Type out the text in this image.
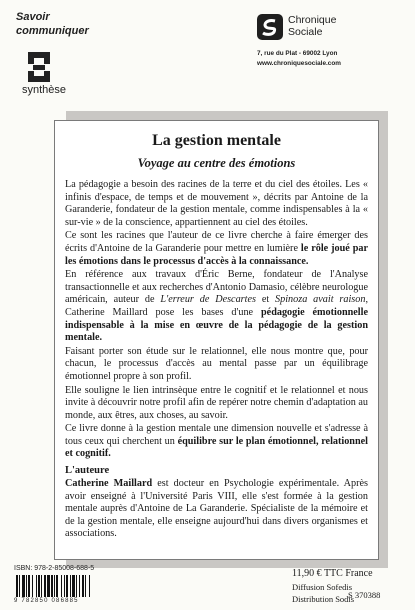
Savoir
communiquer
synthèse
Chronique
Sociale
7, rue du Plat - 69002 Lyon
www.chroniquesociale.com
La gestion mentale
Voyage au centre des émotions

La pédagogie a besoin des racines de la terre et du ciel des étoiles. Les « infinis d'espace, de temps et de mouvement », décrits par Antoine de la Garanderie, fondateur de la gestion mentale, comme indispensables à la « sur-vie » de la conscience, appartiennent au ciel des étoiles.

Ce sont les racines que l'auteur de ce livre cherche à faire émerger des écrits d'Antoine de la Garanderie pour mettre en lumière le rôle joué par les émotions dans le processus d'accès à la connaissance.

En référence aux travaux d'Éric Berne, fondateur de l'Analyse transactionnelle et aux recherches d'Antonio Damasio, célèbre neurologue américain, auteur de L'erreur de Descartes et Spinoza avait raison, Catherine Maillard pose les bases d'une pédagogie émotionnelle indispensable à la mise en œuvre de la pédagogie de la gestion mentale.

Faisant porter son étude sur le relationnel, elle nous montre que, pour chacun, le processus d'accès au mental passe par un équilibrage émotionnel propre à son profil.

Elle souligne le lien intrinsèque entre le cognitif et le relationnel et nous invite à découvrir notre profil afin de repérer notre chemin d'adaptation au monde, aux êtres, aux choses, au savoir.

Ce livre donne à la gestion mentale une dimension nouvelle et s'adresse à tous ceux qui cherchent un équilibre sur le plan émotionnel, relationnel et cognitif.

L'auteure

Catherine Maillard est docteur en Psychologie expérimentale. Après avoir enseigné à l'Université Paris VIII, elle s'est formée à la gestion mentale auprès d'Antoine de La Garanderie. Spécialiste de la mémoire et de la gestion mentale, elle enseigne aujourd'hui dans divers organismes et associations.

ISBN: 978-2-85008-688-5
9 782850 086885
11,90 € TTC France
Diffusion Sofedis
Distribution Sodis
S 370388
